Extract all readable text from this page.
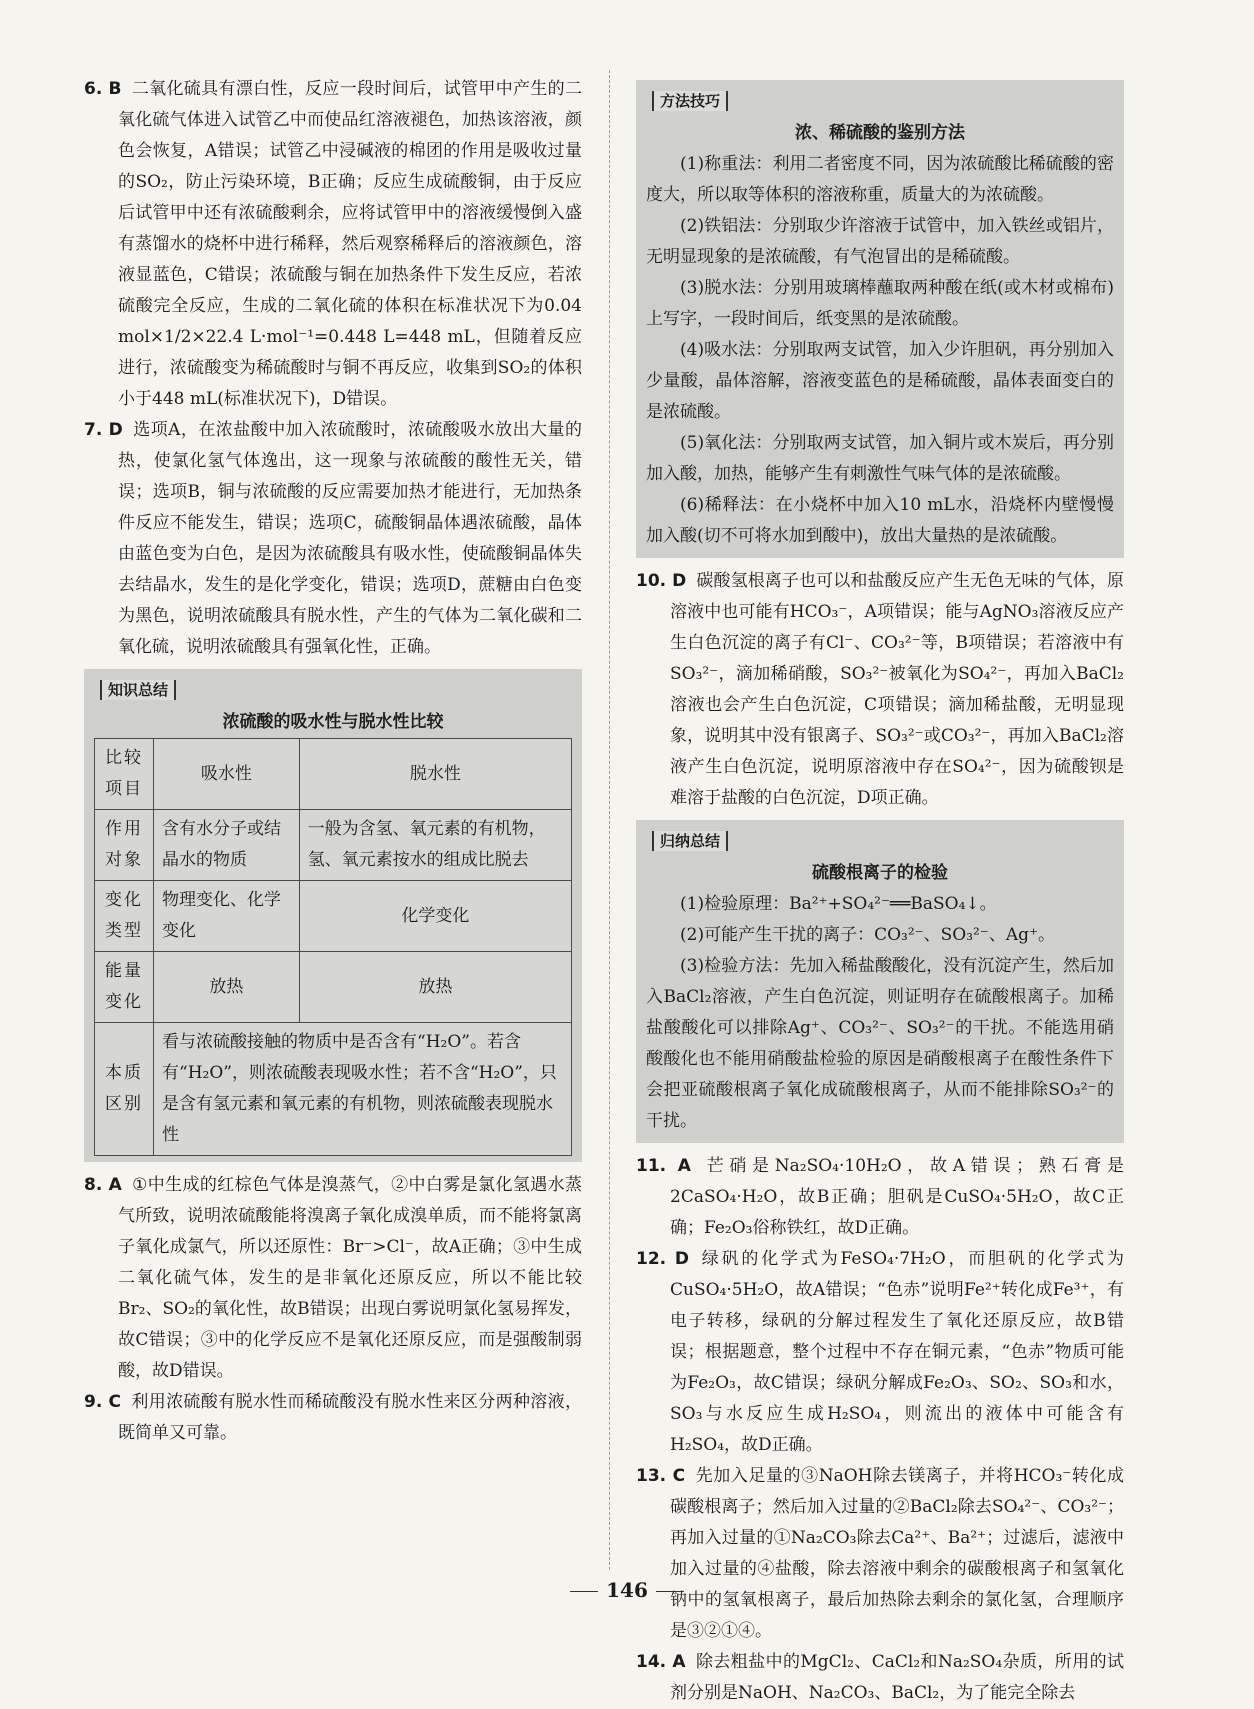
6. B 二氧化硫具有漂白性，反应一段时间后，试管甲中产生的二氧化硫气体进入试管乙中而使品红溶液褪色，加热该溶液，颜色会恢复，A错误；试管乙中浸碱液的棉团的作用是吸收过量的SO₂，防止污染环境，B正确；反应生成硫酸铜，由于反应后试管甲中还有浓硫酸剩余，应将试管甲中的溶液缓慢倒入盛有蒸馏水的烧杯中进行稀释，然后观察稀释后的溶液颜色，溶液显蓝色，C错误；浓硫酸与铜在加热条件下发生反应，若浓硫酸完全反应，生成的二氧化硫的体积在标准状况下为0.04 mol×1/2×22.4 L·mol⁻¹=0.448 L=448 mL，但随着反应进行，浓硫酸变为稀硫酸时与铜不再反应，收集到SO₂的体积小于448 mL(标准状况下)，D错误。

7. D 选项A，在浓盐酸中加入浓硫酸时，浓硫酸吸水放出大量的热，使氯化氢气体逸出，这一现象与浓硫酸的酸性无关，错误；选项B，铜与浓硫酸的反应需要加热才能进行，无加热条件反应不能发生，错误；选项C，硫酸铜晶体遇浓硫酸，晶体由蓝色变为白色，是因为浓硫酸具有吸水性，使硫酸铜晶体失去结晶水，发生的是化学变化，错误；选项D，蔗糖由白色变为黑色，说明浓硫酸具有脱水性，产生的气体为二氧化碳和二氧化硫，说明浓硫酸具有强氧化性，正确。

知识总结
浓硫酸的吸水性与脱水性比较
比较项目	吸水性	脱水性
作用对象	含有水分子或结晶水的物质	一般为含氢、氧元素的有机物，氢、氧元素按水的组成比脱去
变化类型	物理变化、化学变化	化学变化
能量变化	放热	放热
本质区别	看与浓硫酸接触的物质中是否含有“H₂O”。若含有“H₂O”，则浓硫酸表现吸水性；若不含“H₂O”，只是含有氢元素和氧元素的有机物，则浓硫酸表现脱水性	

8. A ①中生成的红棕色气体是溴蒸气，②中白雾是氯化氢遇水蒸气所致，说明浓硫酸能将溴离子氧化成溴单质，而不能将氯离子氧化成氯气，所以还原性：Br⁻>Cl⁻，故A正确；③中生成二氧化硫气体，发生的是非氧化还原反应，所以不能比较Br₂、SO₂的氧化性，故B错误；出现白雾说明氯化氢易挥发，故C错误；③中的化学反应不是氧化还原反应，而是强酸制弱酸，故D错误。

9. C 利用浓硫酸有脱水性而稀硫酸没有脱水性来区分两种溶液，既简单又可靠。

方法技巧
浓、稀硫酸的鉴别方法

(1)称重法：利用二者密度不同，因为浓硫酸比稀硫酸的密度大，所以取等体积的溶液称重，质量大的为浓硫酸。

(2)铁铝法：分别取少许溶液于试管中，加入铁丝或铝片，无明显现象的是浓硫酸，有气泡冒出的是稀硫酸。

(3)脱水法：分别用玻璃棒蘸取两种酸在纸(或木材或棉布)上写字，一段时间后，纸变黑的是浓硫酸。

(4)吸水法：分别取两支试管，加入少许胆矾，再分别加入少量酸，晶体溶解，溶液变蓝色的是稀硫酸，晶体表面变白的是浓硫酸。

(5)氧化法：分别取两支试管，加入铜片或木炭后，再分别加入酸，加热，能够产生有刺激性气味气体的是浓硫酸。

(6)稀释法：在小烧杯中加入10 mL水，沿烧杯内壁慢慢加入酸(切不可将水加到酸中)，放出大量热的是浓硫酸。

10. D 碳酸氢根离子也可以和盐酸反应产生无色无味的气体，原溶液中也可能有HCO₃⁻，A项错误；能与AgNO₃溶液反应产生白色沉淀的离子有Cl⁻、CO₃²⁻等，B项错误；若溶液中有SO₃²⁻，滴加稀硝酸，SO₃²⁻被氧化为SO₄²⁻，再加入BaCl₂溶液也会产生白色沉淀，C项错误；滴加稀盐酸，无明显现象，说明其中没有银离子、SO₃²⁻或CO₃²⁻，再加入BaCl₂溶液产生白色沉淀，说明原溶液中存在SO₄²⁻，因为硫酸钡是难溶于盐酸的白色沉淀，D项正确。

归纳总结
硫酸根离子的检验

(1)检验原理：Ba²⁺+SO₄²⁻══BaSO₄↓。

(2)可能产生干扰的离子：CO₃²⁻、SO₃²⁻、Ag⁺。

(3)检验方法：先加入稀盐酸酸化，没有沉淀产生，然后加入BaCl₂溶液，产生白色沉淀，则证明存在硫酸根离子。加稀盐酸酸化可以排除Ag⁺、CO₃²⁻、SO₃²⁻的干扰。不能选用硝酸酸化也不能用硝酸盐检验的原因是硝酸根离子在酸性条件下会把亚硫酸根离子氧化成硫酸根离子，从而不能排除SO₃²⁻的干扰。

11. A 芒硝是Na₂SO₄·10H₂O，故A错误；熟石膏是2CaSO₄·H₂O，故B正确；胆矾是CuSO₄·5H₂O，故C正确；Fe₂O₃俗称铁红，故D正确。

12. D 绿矾的化学式为FeSO₄·7H₂O，而胆矾的化学式为CuSO₄·5H₂O，故A错误；“色赤”说明Fe²⁺转化成Fe³⁺，有电子转移，绿矾的分解过程发生了氧化还原反应，故B错误；根据题意，整个过程中不存在铜元素，“色赤”物质可能为Fe₂O₃，故C错误；绿矾分解成Fe₂O₃、SO₂、SO₃和水，SO₃与水反应生成H₂SO₄，则流出的液体中可能含有H₂SO₄，故D正确。

13. C 先加入足量的③NaOH除去镁离子，并将HCO₃⁻转化成碳酸根离子；然后加入过量的②BaCl₂除去SO₄²⁻、CO₃²⁻；再加入过量的①Na₂CO₃除去Ca²⁺、Ba²⁺；过滤后，滤液中加入过量的④盐酸，除去溶液中剩余的碳酸根离子和氢氧化钠中的氢氧根离子，最后加热除去剩余的氯化氢，合理顺序是③②①④。

14. A 除去粗盐中的MgCl₂、CaCl₂和Na₂SO₄杂质，所用的试剂分别是NaOH、Na₂CO₃、BaCl₂，为了能完全除去

146
